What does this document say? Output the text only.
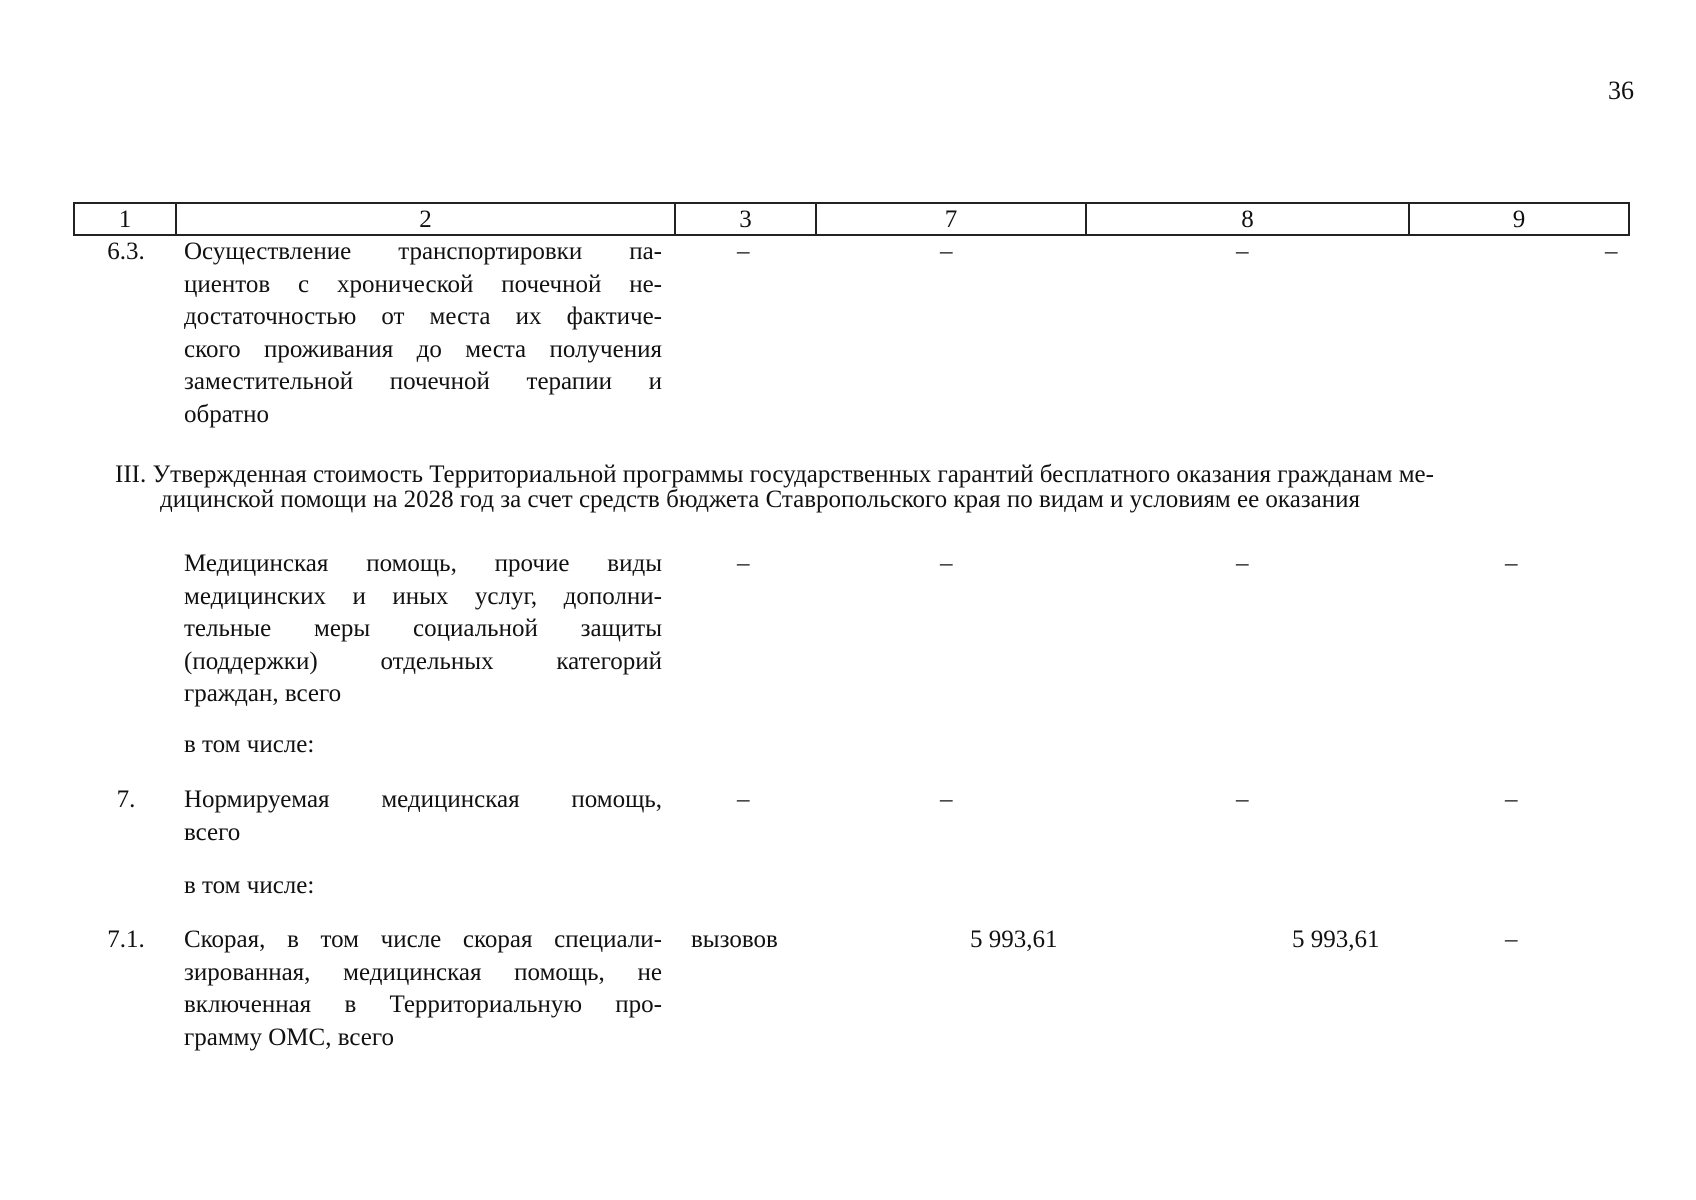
36
1	2	3	7	8	9
6.3.	Осуществление транспортировки па-
циентов с хронической почечной не-
достаточностью от места их фактиче-
ского проживания до места получения
заместительной почечной терапии и
обратно
–	–	–	–
III. Утвержденная стоимость Территориальной программы государственных гарантий бесплатного оказания гражданам ме-
дицинской помощи на 2028 год за счет средств бюджета Ставропольского края по видам и условиям ее оказания
Медицинская помощь, прочие виды
медицинских и иных услуг, дополни-
тельные меры социальной защиты
(поддержки) отдельных категорий
граждан, всего
–	–	–	–
в том числе:
7.	Нормируемая медицинская помощь,
всего
–	–	–	–
в том числе:
7.1.	Скорая, в том числе скорая специали-
зированная, медицинская помощь, не
включенная в Территориальную про-
грамму ОМС, всего
вызовов	5 993,61	5 993,61	–
